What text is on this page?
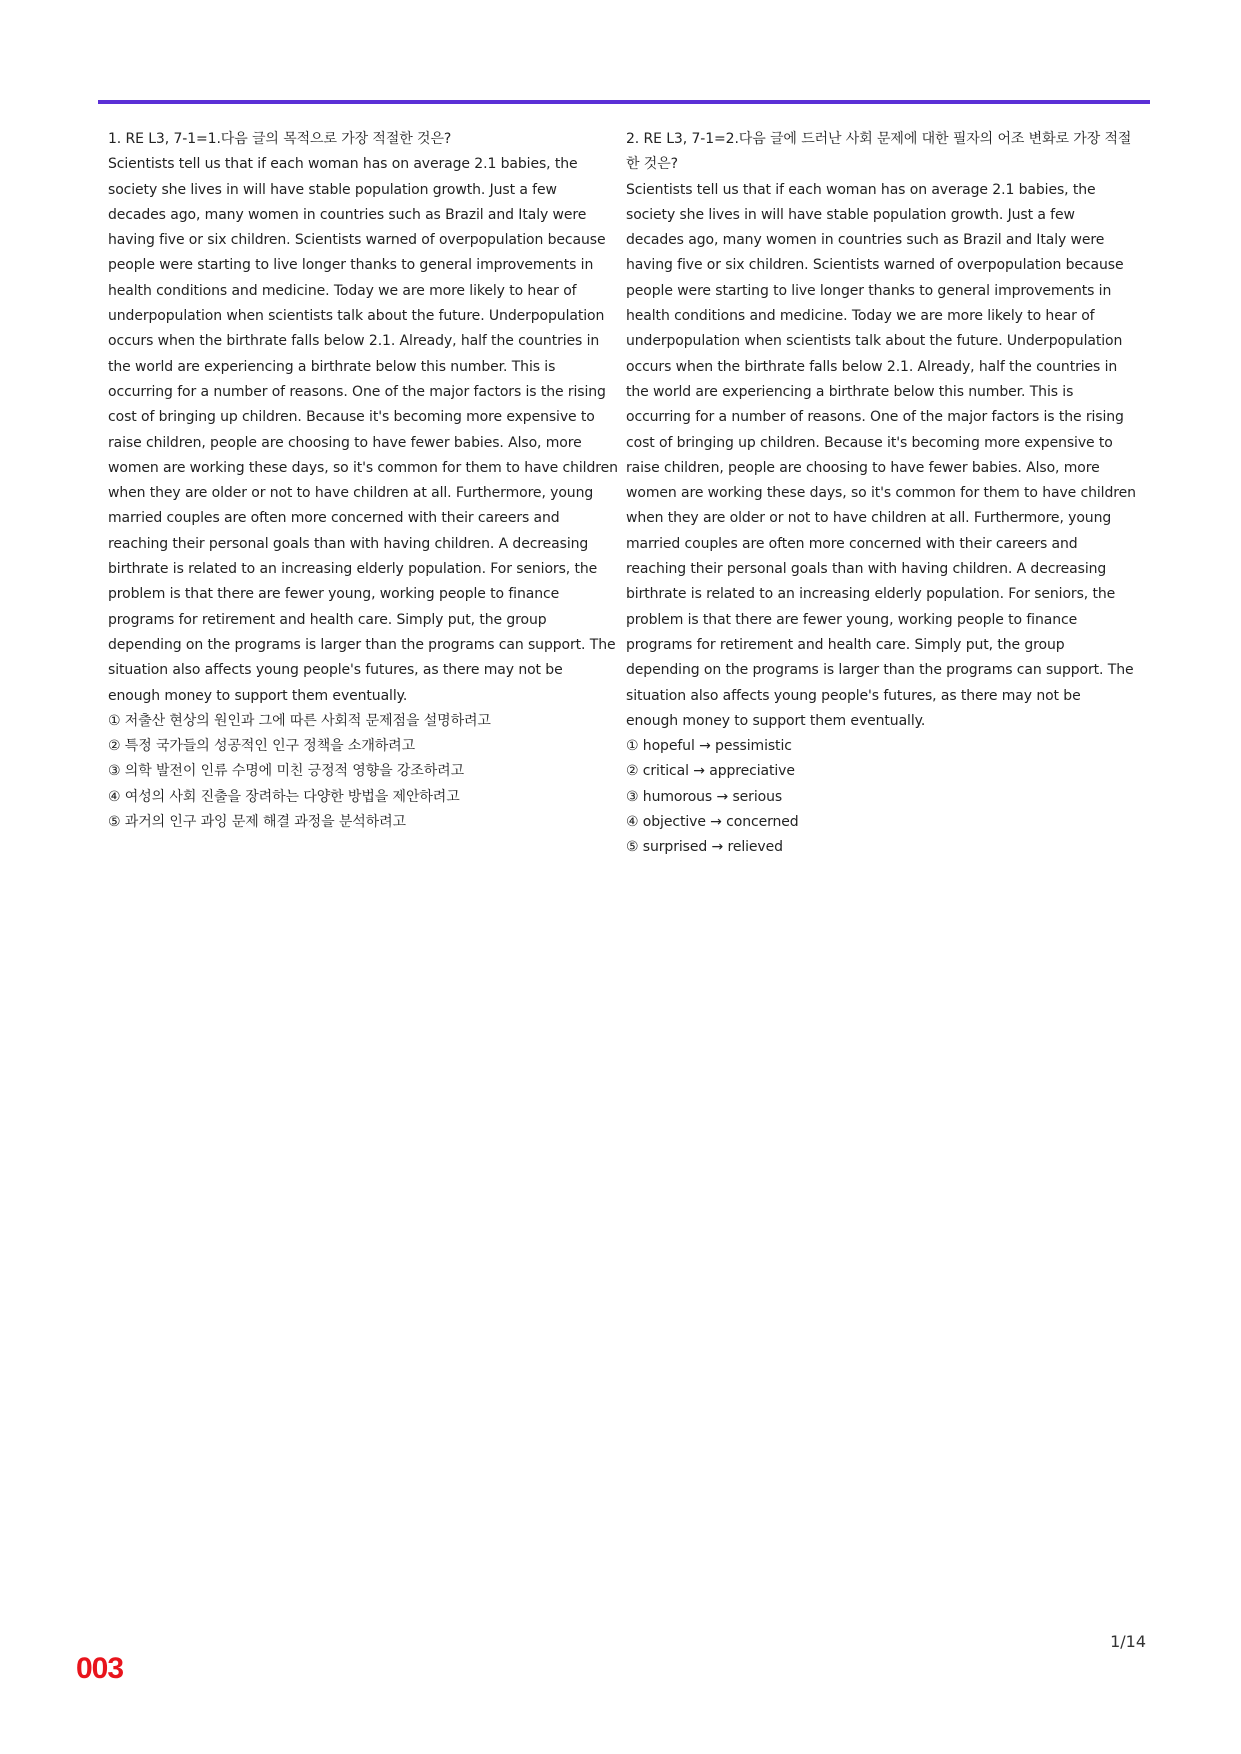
1. RE L3, 7-1=1.다음 글의 목적으로 가장 적절한 것은?

Scientists tell us that if each woman has on average 2.1 babies, the society she lives in will have stable population growth. Just a few decades ago, many women in countries such as Brazil and Italy were having five or six children. Scientists warned of overpopulation because people were starting to live longer thanks to general improvements in health conditions and medicine. Today we are more likely to hear of underpopulation when scientists talk about the future. Underpopulation occurs when the birthrate falls below 2.1. Already, half the countries in the world are experiencing a birthrate below this number. This is occurring for a number of reasons. One of the major factors is the rising cost of bringing up children. Because it's becoming more expensive to raise children, people are choosing to have fewer babies. Also, more women are working these days, so it's common for them to have children when they are older or not to have children at all. Furthermore, young married couples are often more concerned with their careers and reaching their personal goals than with having children. A decreasing birthrate is related to an increasing elderly population. For seniors, the problem is that there are fewer young, working people to finance programs for retirement and health care. Simply put, the group depending on the programs is larger than the programs can support. The situation also affects young people's futures, as there may not be enough money to support them eventually.

① 저출산 현상의 원인과 그에 따른 사회적 문제점을 설명하려고
② 특정 국가들의 성공적인 인구 정책을 소개하려고
③ 의학 발전이 인류 수명에 미친 긍정적 영향을 강조하려고
④ 여성의 사회 진출을 장려하는 다양한 방법을 제안하려고
⑤ 과거의 인구 과잉 문제 해결 과정을 분석하려고

2. RE L3, 7-1=2.다음 글에 드러난 사회 문제에 대한 필자의 어조 변화로 가장 적절한 것은?

Scientists tell us that if each woman has on average 2.1 babies, the society she lives in will have stable population growth. Just a few decades ago, many women in countries such as Brazil and Italy were having five or six children. Scientists warned of overpopulation because people were starting to live longer thanks to general improvements in health conditions and medicine. Today we are more likely to hear of underpopulation when scientists talk about the future. Underpopulation occurs when the birthrate falls below 2.1. Already, half the countries in the world are experiencing a birthrate below this number. This is occurring for a number of reasons. One of the major factors is the rising cost of bringing up children. Because it's becoming more expensive to raise children, people are choosing to have fewer babies. Also, more women are working these days, so it's common for them to have children when they are older or not to have children at all. Furthermore, young married couples are often more concerned with their careers and reaching their personal goals than with having children. A decreasing birthrate is related to an increasing elderly population. For seniors, the problem is that there are fewer young, working people to finance programs for retirement and health care. Simply put, the group depending on the programs is larger than the programs can support. The situation also affects young people's futures, as there may not be enough money to support them eventually.

① hopeful → pessimistic
② critical → appreciative
③ humorous → serious
④ objective → concerned
⑤ surprised → relieved
1/14
003
